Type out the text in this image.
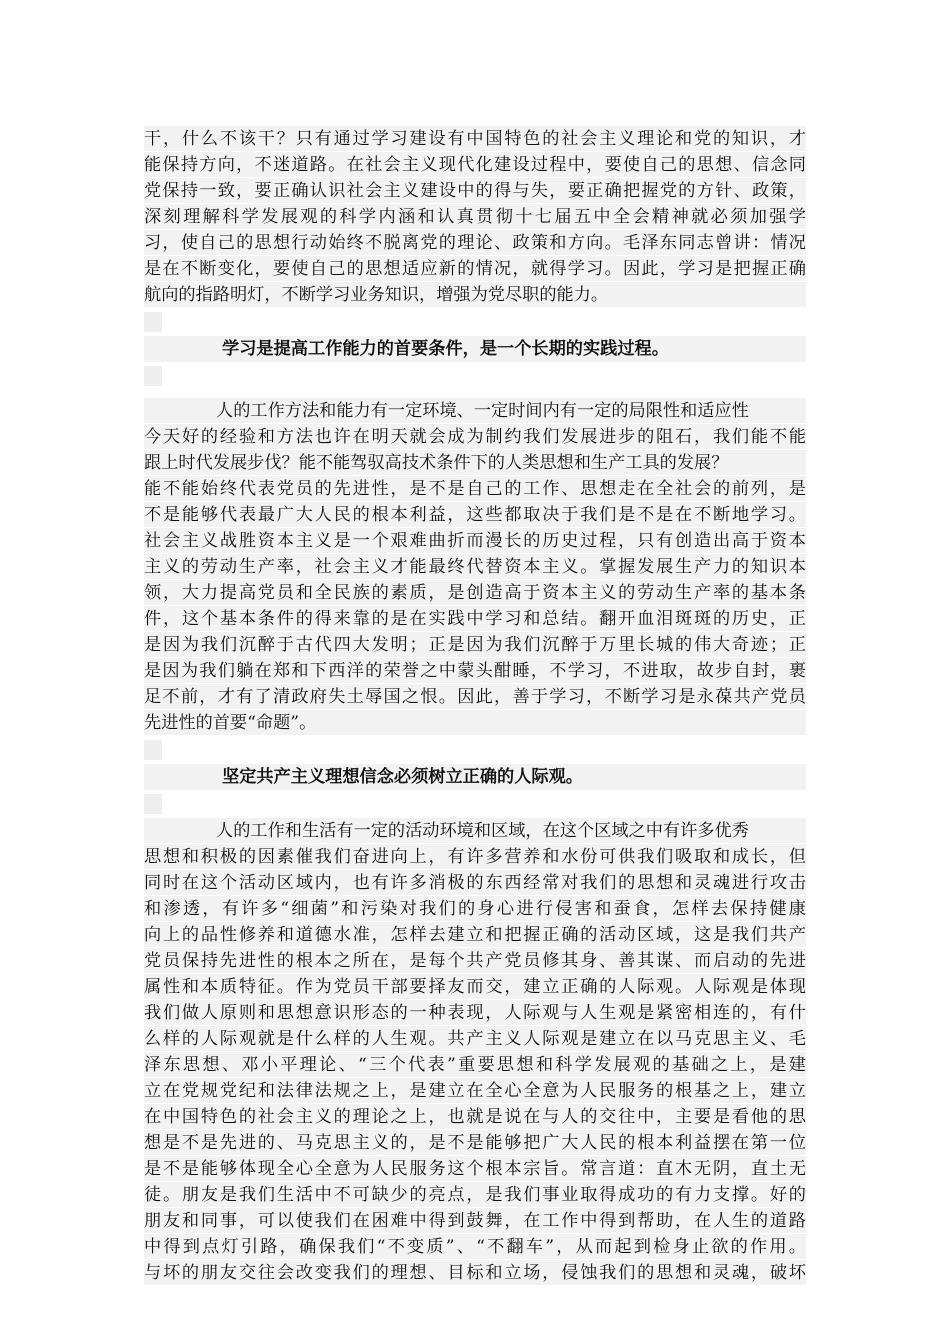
干，什么不该干？只有通过学习建设有中国特色的社会主义理论和党的知识，才
能保持方向，不迷道路。在社会主义现代化建设过程中，要使自己的思想、信念同
党保持一致，要正确认识社会主义建设中的得与失，要正确把握党的方针、政策，
深刻理解科学发展观的科学内涵和认真贯彻十七届五中全会精神就必须加强学
习，使自己的思想行动始终不脱离党的理论、政策和方向。毛泽东同志曾讲：情况
是在不断变化，要使自己的思想适应新的情况，就得学习。因此，学习是把握正确
航向的指路明灯，不断学习业务知识，增强为党尽职的能力。
学习是提高工作能力的首要条件，是一个长期的实践过程。
人的工作方法和能力有一定环境、一定时间内有一定的局限性和适应性
今天好的经验和方法也许在明天就会成为制约我们发展进步的阻石，我们能不能
跟上时代发展步伐？能不能驾驭高技术条件下的人类思想和生产工具的发展？
能不能始终代表党员的先进性，是不是自己的工作、思想走在全社会的前列，是
不是能够代表最广大人民的根本利益，这些都取决于我们是不是在不断地学习。
社会主义战胜资本主义是一个艰难曲折而漫长的历史过程，只有创造出高于资本
主义的劳动生产率，社会主义才能最终代替资本主义。掌握发展生产力的知识本
领，大力提高党员和全民族的素质，是创造高于资本主义的劳动生产率的基本条
件，这个基本条件的得来靠的是在实践中学习和总结。翻开血泪斑斑的历史，正
是因为我们沉醉于古代四大发明；正是因为我们沉醉于万里长城的伟大奇迹；正
是因为我们躺在郑和下西洋的荣誉之中蒙头酣睡，不学习，不进取，故步自封，裹
足不前，才有了清政府失土辱国之恨。因此，善于学习，不断学习是永葆共产党员
先进性的首要“命题”。
坚定共产主义理想信念必须树立正确的人际观。
人的工作和生活有一定的活动环境和区域，在这个区域之中有许多优秀
思想和积极的因素催我们奋进向上，有许多营养和水份可供我们吸取和成长，但
同时在这个活动区域内，也有许多消极的东西经常对我们的思想和灵魂进行攻击
和渗透，有许多“细菌”和污染对我们的身心进行侵害和蚕食，怎样去保持健康
向上的品性修养和道德水准，怎样去建立和把握正确的活动区域，这是我们共产
党员保持先进性的根本之所在，是每个共产党员修其身、善其谋、而启动的先进
属性和本质特征。作为党员干部要择友而交，建立正确的人际观。人际观是体现
我们做人原则和思想意识形态的一种表现，人际观与人生观是紧密相连的，有什
么样的人际观就是什么样的人生观。共产主义人际观是建立在以马克思主义、毛
泽东思想、邓小平理论、“三个代表”重要思想和科学发展观的基础之上，是建
立在党规党纪和法律法规之上，是建立在全心全意为人民服务的根基之上，建立
在中国特色的社会主义的理论之上，也就是说在与人的交往中，主要是看他的思
想是不是先进的、马克思主义的，是不是能够把广大人民的根本利益摆在第一位
是不是能够体现全心全意为人民服务这个根本宗旨。常言道：直木无阴，直土无
徒。朋友是我们生活中不可缺少的亮点，是我们事业取得成功的有力支撑。好的
朋友和同事，可以使我们在困难中得到鼓舞，在工作中得到帮助，在人生的道路
中得到点灯引路，确保我们“不变质”、“不翻车”，从而起到检身止欲的作用。
与坏的朋友交往会改变我们的理想、目标和立场，侵蚀我们的思想和灵魂，破坏
